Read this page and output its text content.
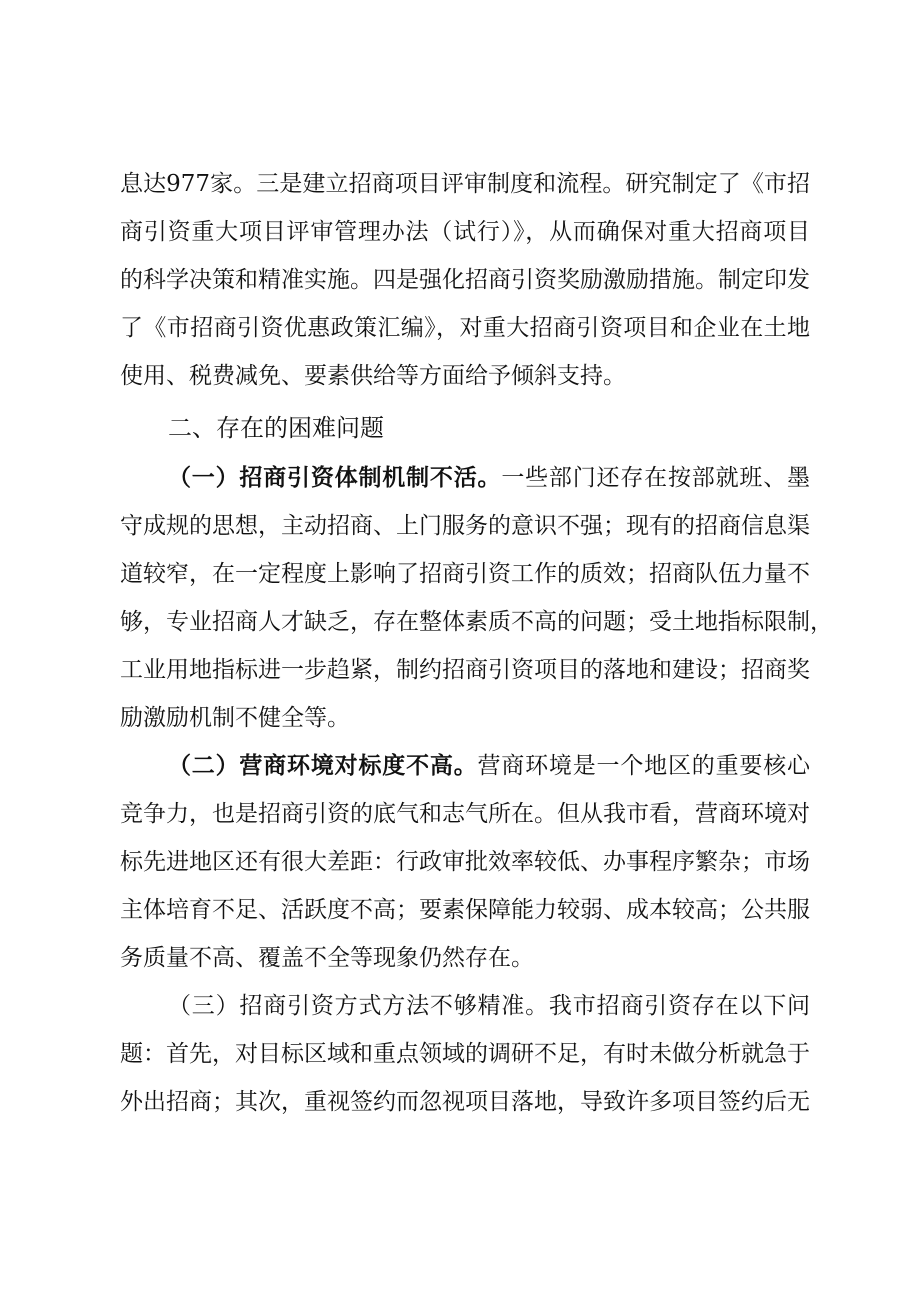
息达977家。三是建立招商项目评审制度和流程。研究制定了《市招
商引资重大项目评审管理办法（试行）》，从而确保对重大招商项目
的科学决策和精准实施。四是强化招商引资奖励激励措施。制定印发
了《市招商引资优惠政策汇编》，对重大招商引资项目和企业在土地
使用、税费减免、要素供给等方面给予倾斜支持。
二、存在的困难问题
（一）招商引资体制机制不活。一些部门还存在按部就班、墨
守成规的思想，主动招商、上门服务的意识不强；现有的招商信息渠
道较窄，在一定程度上影响了招商引资工作的质效；招商队伍力量不
够，专业招商人才缺乏，存在整体素质不高的问题；受土地指标限制，
工业用地指标进一步趋紧，制约招商引资项目的落地和建设；招商奖
励激励机制不健全等。
（二）营商环境对标度不高。营商环境是一个地区的重要核心
竞争力，也是招商引资的底气和志气所在。但从我市看，营商环境对
标先进地区还有很大差距：行政审批效率较低、办事程序繁杂；市场
主体培育不足、活跃度不高；要素保障能力较弱、成本较高；公共服
务质量不高、覆盖不全等现象仍然存在。
（三）招商引资方式方法不够精准。我市招商引资存在以下问
题：首先，对目标区域和重点领域的调研不足，有时未做分析就急于
外出招商；其次，重视签约而忽视项目落地，导致许多项目签约后无
